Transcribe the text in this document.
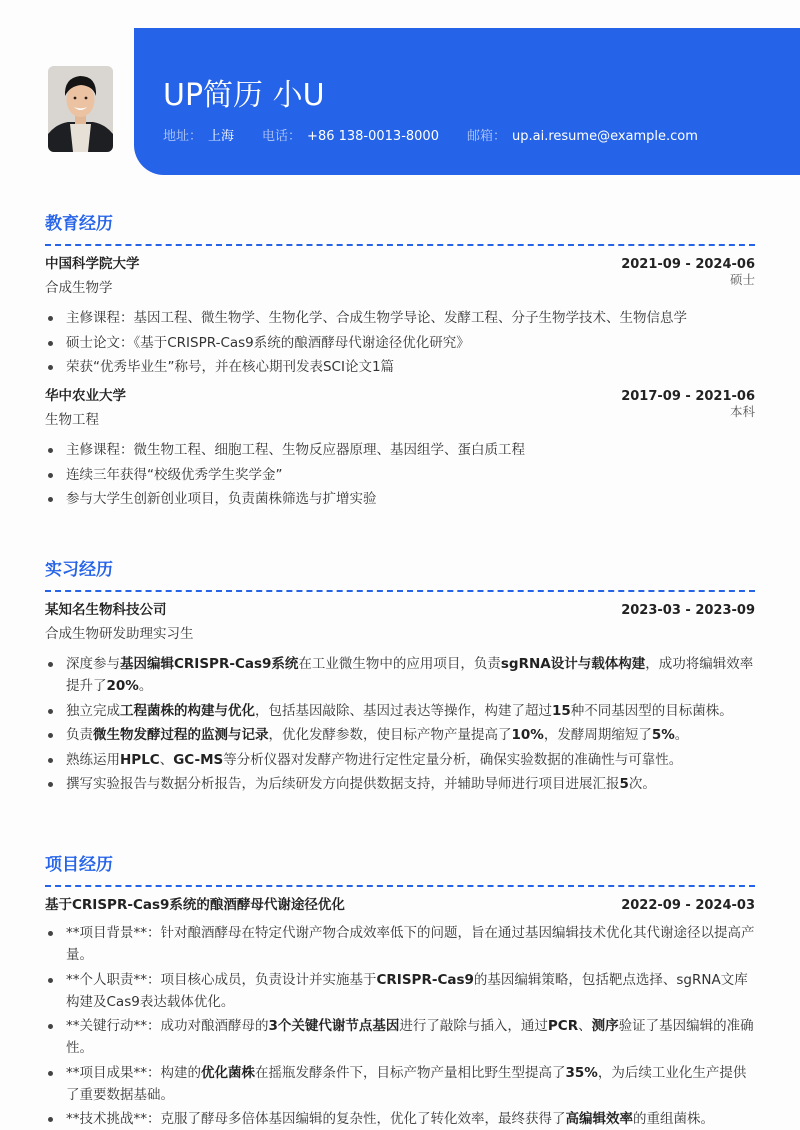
UP简历 小U
地址： 上海 电话： +86 138-0013-8000 邮箱： up.ai.resume@example.com
教育经历
中国科学院大学	2021-09 - 2024-06
合成生物学
硕士
主修课程：基因工程、微生物学、生物化学、合成生物学导论、发酵工程、分子生物学技术、生物信息学
硕士论文：《基于CRISPR-Cas9系统的酿酒酵母代谢途径优化研究》
荣获“优秀毕业生”称号，并在核心期刊发表SCI论文1篇
华中农业大学	2017-09 - 2021-06
生物工程
本科
主修课程：微生物工程、细胞工程、生物反应器原理、基因组学、蛋白质工程
连续三年获得“校级优秀学生奖学金”
参与大学生创新创业项目，负责菌株筛选与扩增实验
实习经历
某知名生物科技公司	2023-03 - 2023-09
合成生物研发助理实习生
深度参与基因编辑CRISPR-Cas9系统在工业微生物中的应用项目，负责sgRNA设计与载体构建，成功将编辑效率提升了20%。
独立完成工程菌株的构建与优化，包括基因敲除、基因过表达等操作，构建了超过15种不同基因型的目标菌株。
负责微生物发酵过程的监测与记录，优化发酵参数，使目标产物产量提高了10%，发酵周期缩短了5%。
熟练运用HPLC、GC-MS等分析仪器对发酵产物进行定性定量分析，确保实验数据的准确性与可靠性。
撰写实验报告与数据分析报告，为后续研发方向提供数据支持，并辅助导师进行项目进展汇报5次。
项目经历
基于CRISPR-Cas9系统的酿酒酵母代谢途径优化	2022-09 - 2024-03
**项目背景**：针对酿酒酵母在特定代谢产物合成效率低下的问题，旨在通过基因编辑技术优化其代谢途径以提高产量。
**个人职责**：项目核心成员，负责设计并实施基于CRISPR-Cas9的基因编辑策略，包括靶点选择、sgRNA文库构建及Cas9表达载体优化。
**关键行动**：成功对酿酒酵母的3个关键代谢节点基因进行了敲除与插入，通过PCR、测序验证了基因编辑的准确性。
**项目成果**：构建的优化菌株在摇瓶发酵条件下，目标产物产量相比野生型提高了35%，为后续工业化生产提供了重要数据基础。
**技术挑战**：克服了酵母多倍体基因编辑的复杂性，优化了转化效率，最终获得了高编辑效率的重组菌株。
